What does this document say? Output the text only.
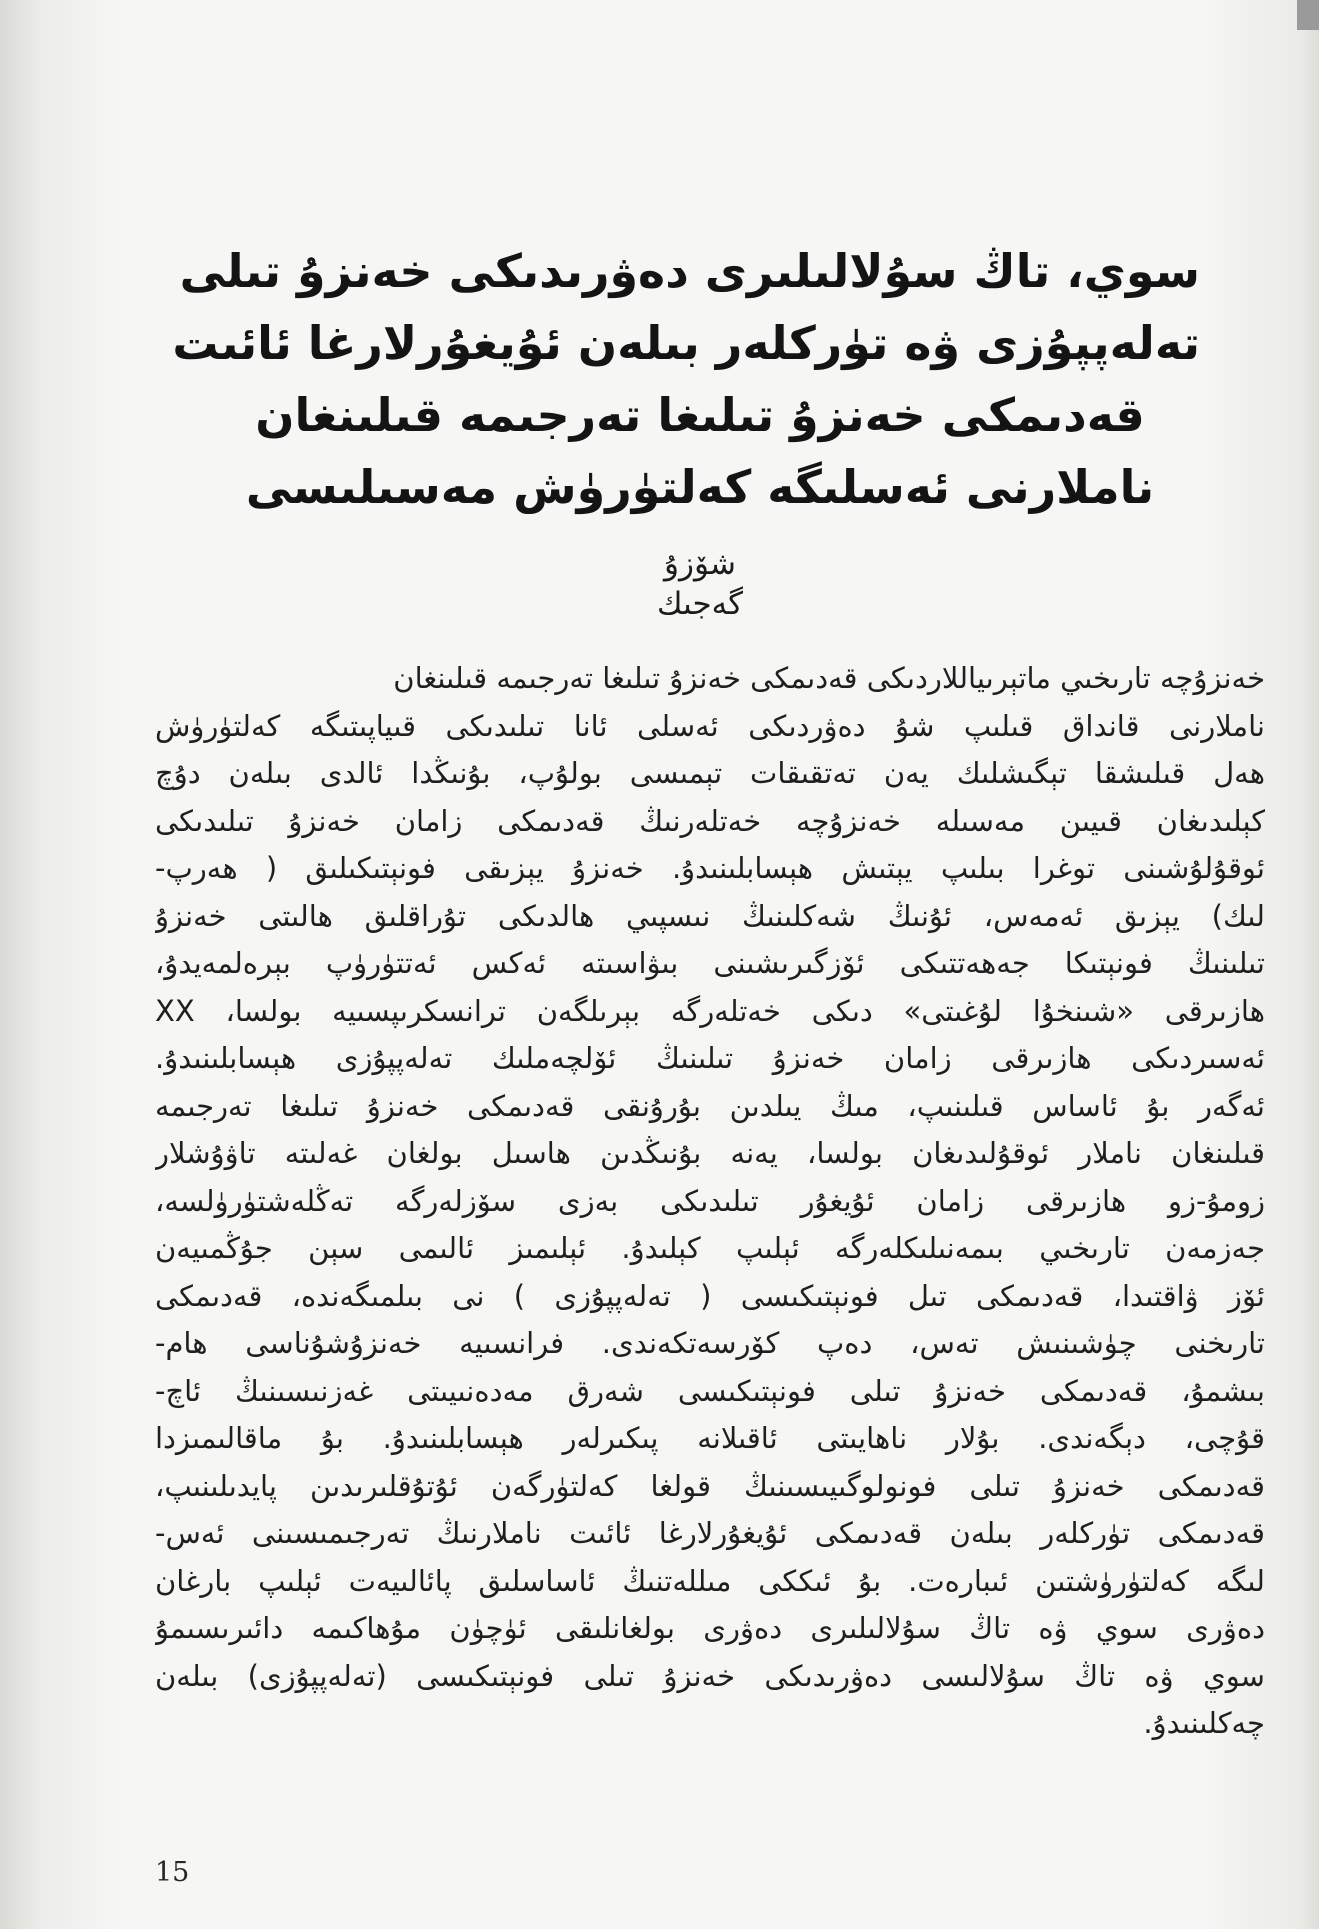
سوي، تاڭ سۇلالىلىرى دەۋرىدىكى خەنزۇ تىلى
تەلەپپۇزى ۋە تۈركلەر بىلەن ئۇيغۇرلارغا ئائىت
قەدىمكى خەنزۇ تىلىغا تەرجىمە قىلىنغان
ناملارنى ئەسلىگە كەلتۈرۈش مەسىلىسى
شۆزۇ گەجىك
خەنزۇچە تارىخىي ماتېرىياللاردىكى قەدىمكى خەنزۇ تىلىغا تەرجىمە قىلىنغان
ناملارنى قانداق قىلىپ شۇ دەۋردىكى ئەسلى ئانا تىلىدىكى قىياپىتىگە كەلتۈرۈش
ھەل قىلىشقا تېگىشلىك يەن تەتقىقات تېمىسى بولۇپ، بۇنىڭدا ئالدى بىلەن دۇچ
كېلىدىغان قىيىن مەسىلە خەنزۇچە خەتلەرنىڭ قەدىمكى زامان خەنزۇ تىلىدىكى
ئوقۇلۇشىنى توغرا بىلىپ يېتىش ھېسابلىنىدۇ. خەنزۇ يېزىقى فونېتىكىلىق ( ھەرپ-
لىك) يېزىق ئەمەس، ئۇنىڭ شەكلىنىڭ نىسپىي ھالدىكى تۇراقلىق ھالىتى خەنزۇ
تىلىنىڭ فونېتىكا جەھەتتىكى ئۆزگىرىشىنى بىۋاسىتە ئەكس ئەتتۈرۈپ بېرەلمەيدۇ،
ھازىرقى «شىنخۇا لۇغىتى» دىكى خەتلەرگە بېرىلگەن ترانسكرىپسىيە بولسا، XX
ئەسىردىكى ھازىرقى زامان خەنزۇ تىلىنىڭ ئۆلچەملىك تەلەپپۇزى ھېسابلىنىدۇ.
ئەگەر بۇ ئاساس قىلىنىپ، مىڭ يىلدىن بۇرۇنقى قەدىمكى خەنزۇ تىلىغا تەرجىمە
قىلىنغان ناملار ئوقۇلىدىغان بولسا، يەنە بۇنىڭدىن ھاسىل بولغان غەلىتە تاۋۇشلار
زومۇ-زو ھازىرقى زامان ئۇيغۇر تىلىدىكى بەزى سۆزلەرگە تەڭلەشتۈرۈلسە،
جەزمەن تارىخىي بىمەنىلىكلەرگە ئېلىپ كېلىدۇ. ئېلىمىز ئالىمى سېن جۇڭمىيەن
ئۆز ۋاقتىدا، قەدىمكى تىل فونېتىكىسى ( تەلەپپۇزى ) نى بىلمىگەندە، قەدىمكى
تارىخنى چۈشىنىش تەس، دەپ كۆرسەتكەندى. فرانسىيە خەنزۇشۇناسى ھام-
بىشمۇ، قەدىمكى خەنزۇ تىلى فونېتىكىسى شەرق مەدەنىيىتى غەزنىسىنىڭ ئاچ-
قۇچى، دېگەندى. بۇلار ناھايىتى ئاقىلانە پىكىرلەر ھېسابلىنىدۇ. بۇ ماقالىمىزدا
قەدىمكى خەنزۇ تىلى فونولوگىيىسىنىڭ قولغا كەلتۈرگەن ئۇتۇقلىرىدىن پايدىلىنىپ،
قەدىمكى تۈركلەر بىلەن قەدىمكى ئۇيغۇرلارغا ئائىت ناملارنىڭ تەرجىمىسىنى ئەس-
لىگە كەلتۈرۈشتىن ئىبارەت. بۇ ئىككى مىللەتنىڭ ئاساسلىق پائالىيەت ئېلىپ بارغان
دەۋرى سوي ۋە تاڭ سۇلالىلىرى دەۋرى بولغانلىقى ئۈچۈن مۇھاكىمە دائىرىسىمۇ
سوي ۋە تاڭ سۇلالىسى دەۋرىدىكى خەنزۇ تىلى فونېتىكىسى (تەلەپپۇزى) بىلەن
چەكلىنىدۇ.
15
